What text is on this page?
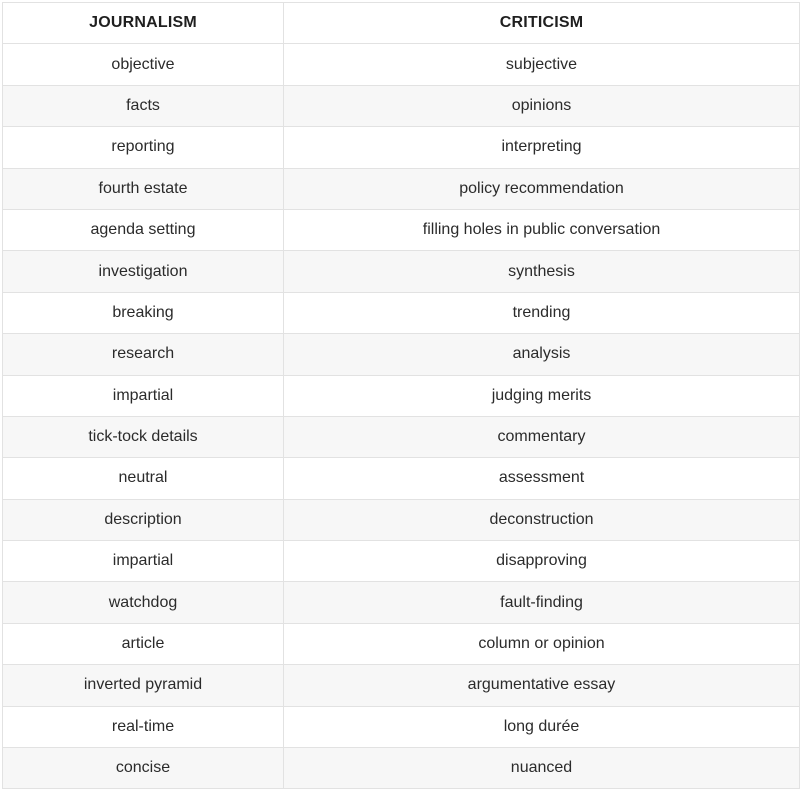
JOURNALISM	CRITICISM
objective	subjective
facts	opinions
reporting	interpreting
fourth estate	policy recommendation
agenda setting	filling holes in public conversation
investigation	synthesis
breaking	trending
research	analysis
impartial	judging merits
tick-tock details	commentary
neutral	assessment
description	deconstruction
impartial	disapproving
watchdog	fault-finding
article	column or opinion
inverted pyramid	argumentative essay
real-time	long durée
concise	nuanced
